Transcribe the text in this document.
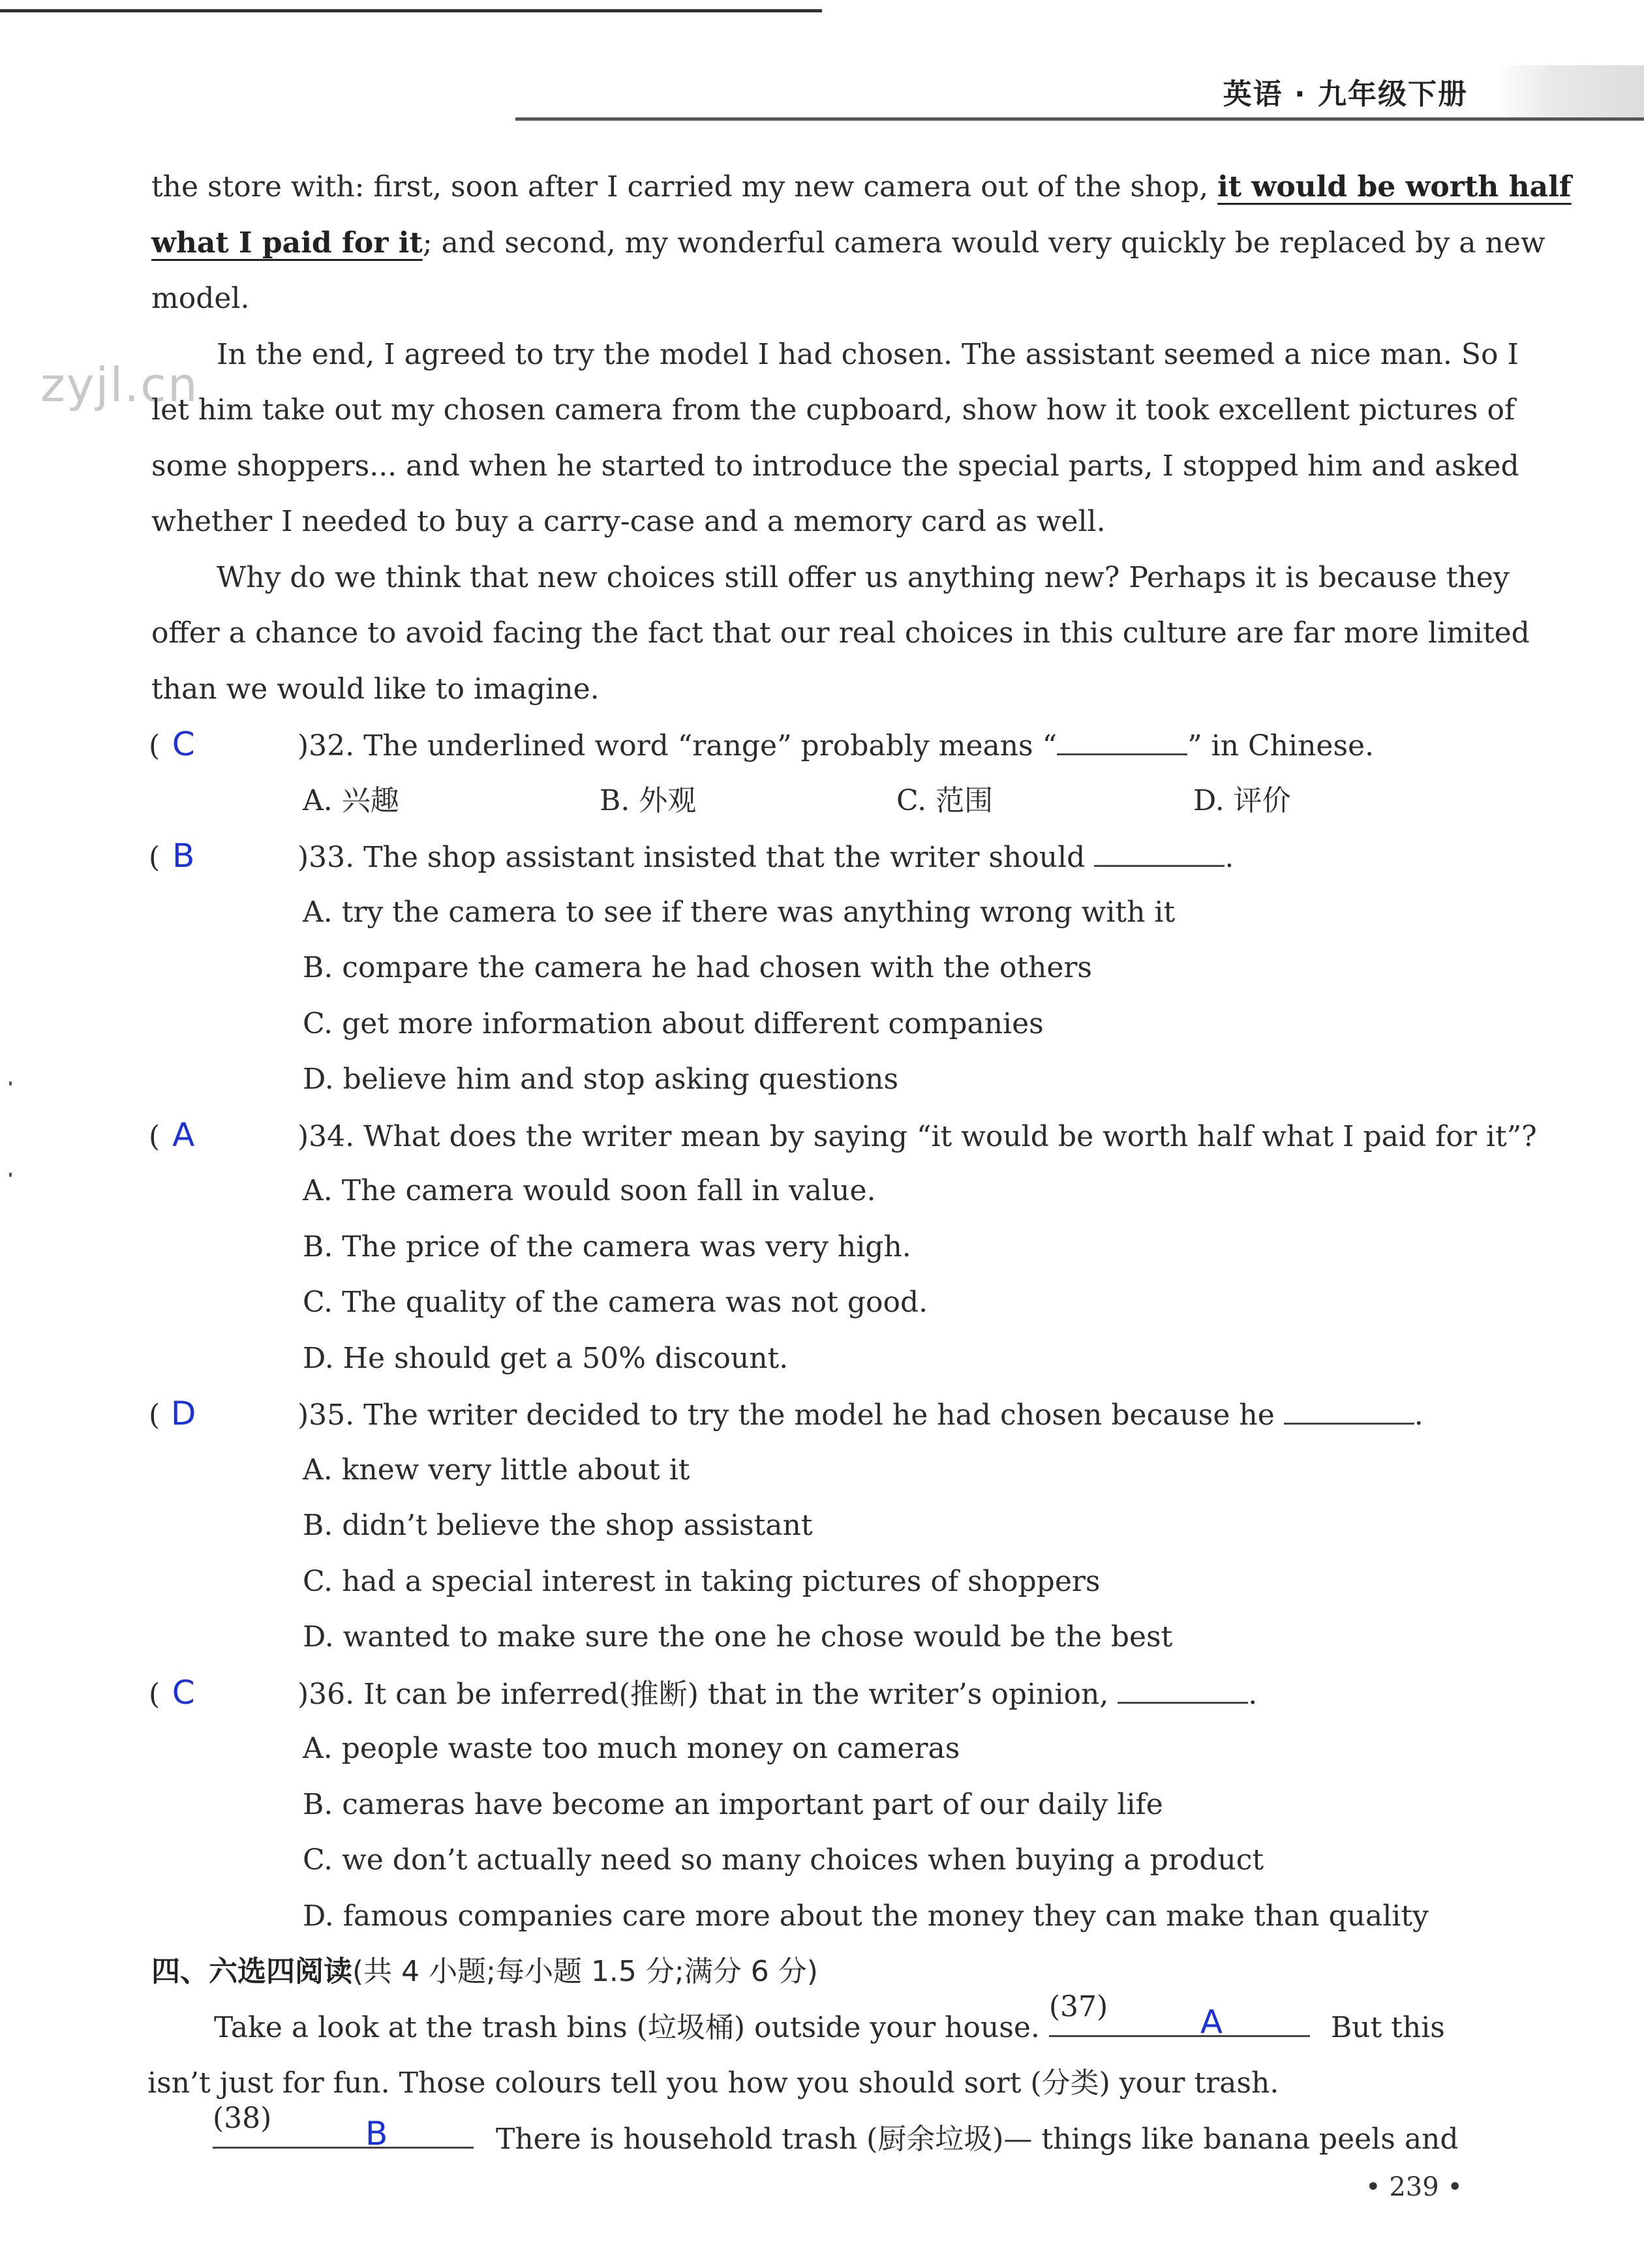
英语 · 九年级下册
zyjl.cn
the store with: first, soon after I carried my new camera out of the shop, it would be worth half
what I paid for it; and second, my wonderful camera would very quickly be replaced by a new
model.
In the end, I agreed to try the model I had chosen. The assistant seemed a nice man. So I
let him take out my chosen camera from the cupboard, show how it took excellent pictures of
some shoppers... and when he started to introduce the special parts, I stopped him and asked
whether I needed to buy a carry-case and a memory card as well.
Why do we think that new choices still offer us anything new? Perhaps it is because they
offer a chance to avoid facing the fact that our real choices in this culture are far more limited
than we would like to imagine.
( C	)32. The underlined word “range” probably means “	” in Chinese.
A. 兴趣	B. 外观	C. 范围	D. 评价
( B	)33. The shop assistant insisted that the writer should	.
A. try the camera to see if there was anything wrong with it
B. compare the camera he had chosen with the others
C. get more information about different companies
D. believe him and stop asking questions
( A	)34. What does the writer mean by saying “it would be worth half what I paid for it”?
A. The camera would soon fall in value.
B. The price of the camera was very high.
C. The quality of the camera was not good.
D. He should get a 50% discount.
( D	)35. The writer decided to try the model he had chosen because he	.
A. knew very little about it
B. didn’t believe the shop assistant
C. had a special interest in taking pictures of shoppers
D. wanted to make sure the one he chose would be the best
( C	)36. It can be inferred(推断) that in the writer’s opinion,	.
A. people waste too much money on cameras
B. cameras have become an important part of our daily life
C. we don’t actually need so many choices when buying a product
D. famous companies care more about the money they can make than quality
四、六选四阅读(共 4 小题;每小题 1.5 分;满分 6 分)
Take a look at the trash bins (垃圾桶) outside your house.
(37)	A	But this
isn’t just for fun. Those colours tell you how you should sort (分类) your trash.
(38)	B	There is household trash (厨余垃圾)— things like banana peels and
• 239 •
